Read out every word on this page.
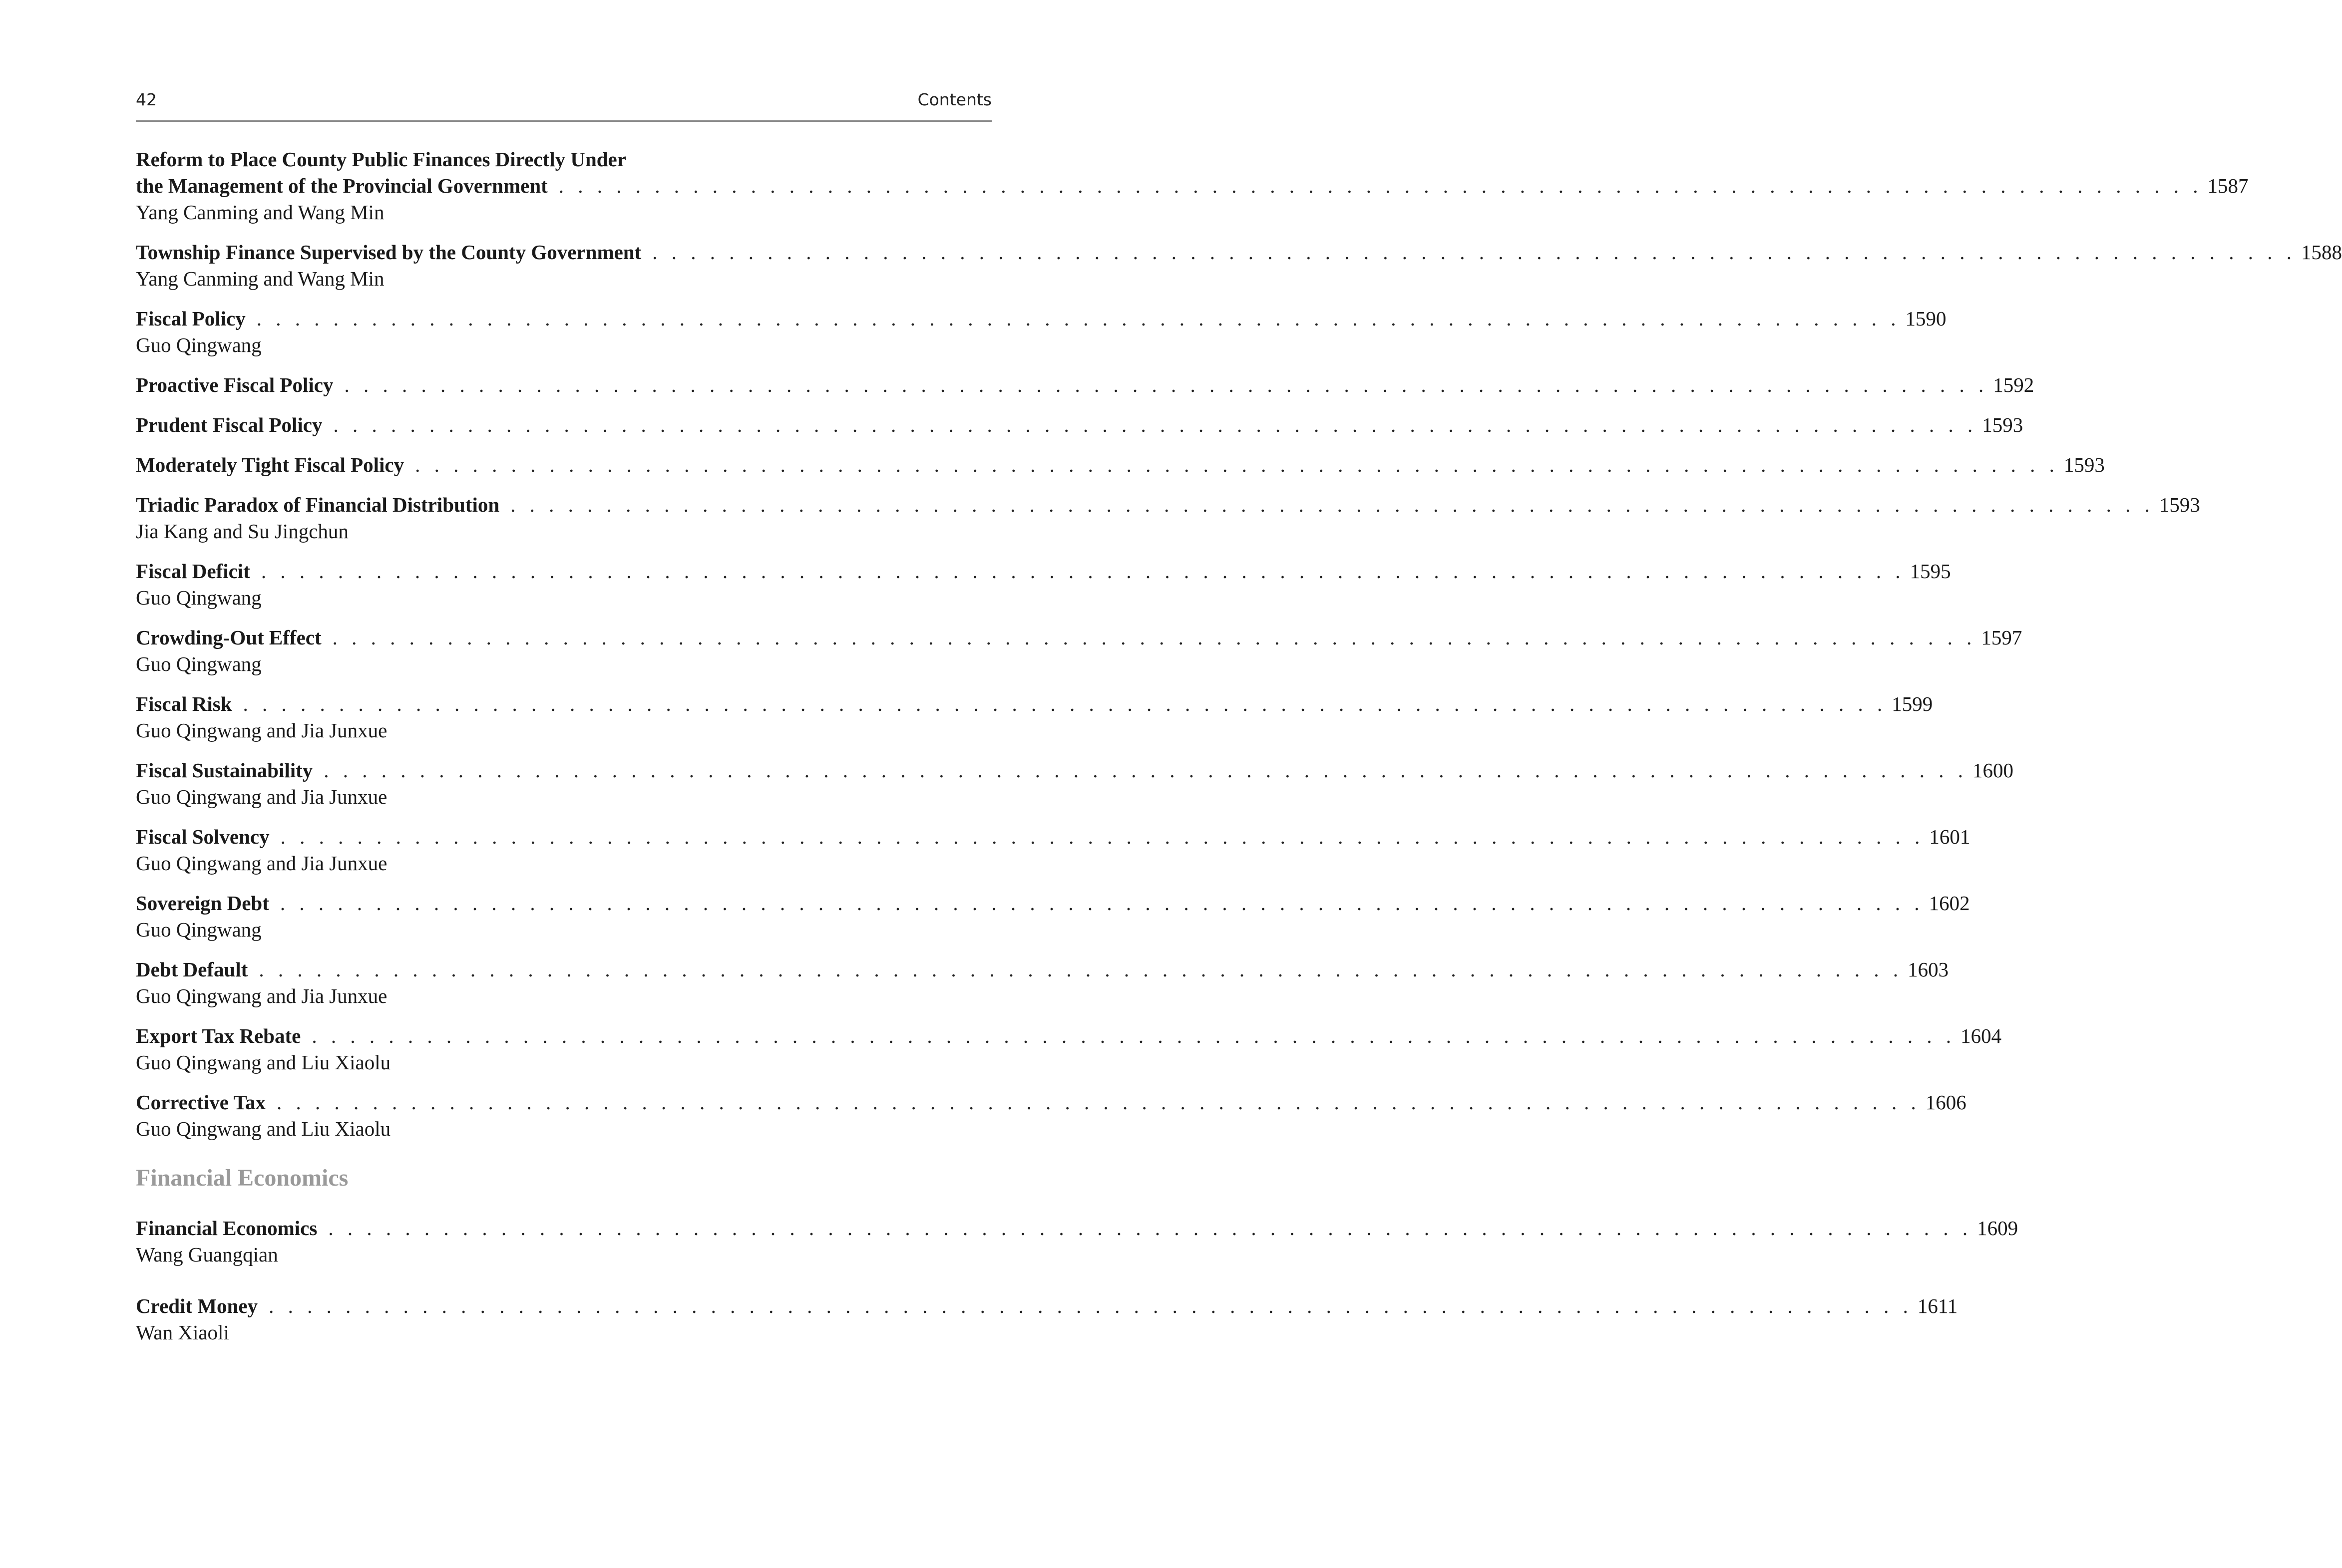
42	Contents
Reform to Place County Public Finances Directly Under
the Management of the Provincial Government . . . . . . . . . . . . . . . . . . . . . . . . . . . . . . . . . . . . . . . . . . . . . . . . . . . . . . . . . . . . . . . . . . . . . . . . . . . . . . . . . . . . . . 1587
Yang Canming and Wang Min
Township Finance Supervised by the County Government . . . . . . . . . . . . . . . . . . . . . . . . . . . . . . . . . . . . . . . . . . . . . . . . . . . . . . . . . . . . . . . . . . . . . . . . . . . . . . . . . . . . . . 1588
Yang Canming and Wang Min
Fiscal Policy . . . . . . . . . . . . . . . . . . . . . . . . . . . . . . . . . . . . . . . . . . . . . . . . . . . . . . . . . . . . . . . . . . . . . . . . . . . . . . . . . . . . . . 1590
Guo Qingwang
Proactive Fiscal Policy . . . . . . . . . . . . . . . . . . . . . . . . . . . . . . . . . . . . . . . . . . . . . . . . . . . . . . . . . . . . . . . . . . . . . . . . . . . . . . . . . . . . . . 1592
Prudent Fiscal Policy . . . . . . . . . . . . . . . . . . . . . . . . . . . . . . . . . . . . . . . . . . . . . . . . . . . . . . . . . . . . . . . . . . . . . . . . . . . . . . . . . . . . . . 1593
Moderately Tight Fiscal Policy . . . . . . . . . . . . . . . . . . . . . . . . . . . . . . . . . . . . . . . . . . . . . . . . . . . . . . . . . . . . . . . . . . . . . . . . . . . . . . . . . . . . . . 1593
Triadic Paradox of Financial Distribution . . . . . . . . . . . . . . . . . . . . . . . . . . . . . . . . . . . . . . . . . . . . . . . . . . . . . . . . . . . . . . . . . . . . . . . . . . . . . . . . . . . . . . 1593
Jia Kang and Su Jingchun
Fiscal Deficit . . . . . . . . . . . . . . . . . . . . . . . . . . . . . . . . . . . . . . . . . . . . . . . . . . . . . . . . . . . . . . . . . . . . . . . . . . . . . . . . . . . . . . 1595
Guo Qingwang
Crowding-Out Effect . . . . . . . . . . . . . . . . . . . . . . . . . . . . . . . . . . . . . . . . . . . . . . . . . . . . . . . . . . . . . . . . . . . . . . . . . . . . . . . . . . . . . . 1597
Guo Qingwang
Fiscal Risk . . . . . . . . . . . . . . . . . . . . . . . . . . . . . . . . . . . . . . . . . . . . . . . . . . . . . . . . . . . . . . . . . . . . . . . . . . . . . . . . . . . . . . 1599
Guo Qingwang and Jia Junxue
Fiscal Sustainability . . . . . . . . . . . . . . . . . . . . . . . . . . . . . . . . . . . . . . . . . . . . . . . . . . . . . . . . . . . . . . . . . . . . . . . . . . . . . . . . . . . . . . 1600
Guo Qingwang and Jia Junxue
Fiscal Solvency . . . . . . . . . . . . . . . . . . . . . . . . . . . . . . . . . . . . . . . . . . . . . . . . . . . . . . . . . . . . . . . . . . . . . . . . . . . . . . . . . . . . . . 1601
Guo Qingwang and Jia Junxue
Sovereign Debt . . . . . . . . . . . . . . . . . . . . . . . . . . . . . . . . . . . . . . . . . . . . . . . . . . . . . . . . . . . . . . . . . . . . . . . . . . . . . . . . . . . . . . 1602
Guo Qingwang
Debt Default . . . . . . . . . . . . . . . . . . . . . . . . . . . . . . . . . . . . . . . . . . . . . . . . . . . . . . . . . . . . . . . . . . . . . . . . . . . . . . . . . . . . . . 1603
Guo Qingwang and Jia Junxue
Export Tax Rebate . . . . . . . . . . . . . . . . . . . . . . . . . . . . . . . . . . . . . . . . . . . . . . . . . . . . . . . . . . . . . . . . . . . . . . . . . . . . . . . . . . . . . . 1604
Guo Qingwang and Liu Xiaolu
Corrective Tax . . . . . . . . . . . . . . . . . . . . . . . . . . . . . . . . . . . . . . . . . . . . . . . . . . . . . . . . . . . . . . . . . . . . . . . . . . . . . . . . . . . . . . 1606
Guo Qingwang and Liu Xiaolu
Financial Economics
Financial Economics . . . . . . . . . . . . . . . . . . . . . . . . . . . . . . . . . . . . . . . . . . . . . . . . . . . . . . . . . . . . . . . . . . . . . . . . . . . . . . . . . . . . . . 1609
Wang Guangqian
Credit Money . . . . . . . . . . . . . . . . . . . . . . . . . . . . . . . . . . . . . . . . . . . . . . . . . . . . . . . . . . . . . . . . . . . . . . . . . . . . . . . . . . . . . . 1611
Wan Xiaoli
